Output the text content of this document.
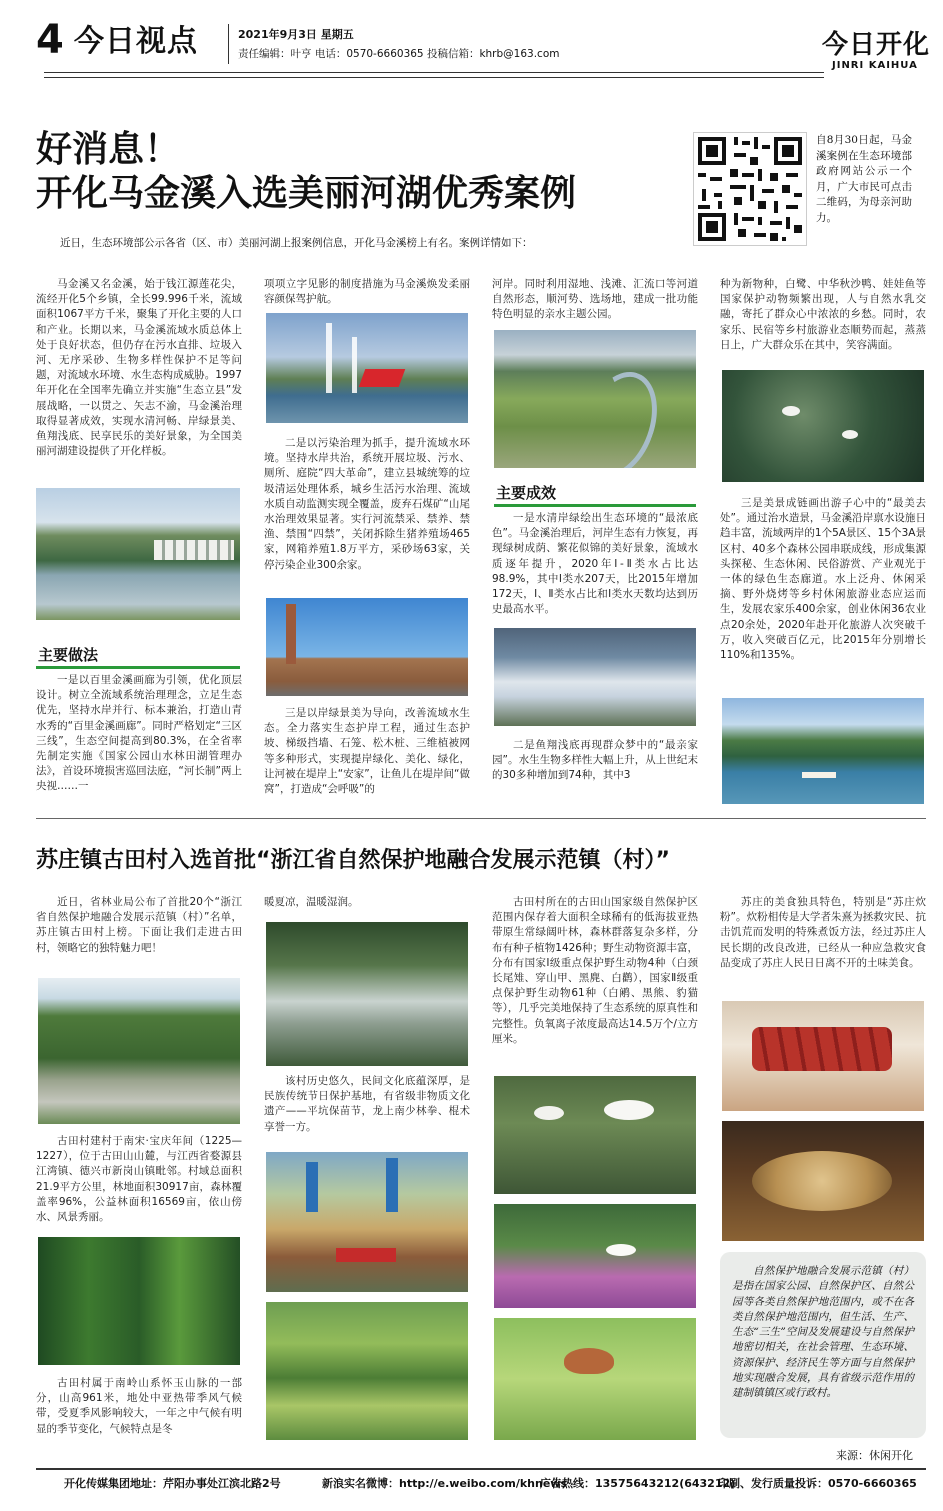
4 今日视点	2021年9月3日 星期五
责任编辑：叶亨 电话：0570-6660365 投稿信箱：khrb@163.com	今日开化
JINRI KAIHUA
好消息！
开化马金溪入选美丽河湖优秀案例
自8月30日起，马金溪案例在生态环境部政府网站公示一个月，广大市民可点击二维码，为母亲河助力。
近日，生态环境部公示各省（区、市）美丽河湖上报案例信息，开化马金溪榜上有名。案例详情如下：
马金溪又名金溪，始于钱江源莲花尖，流经开化5个乡镇，全长99.996千米，流域面积1067平方千米，聚集了开化主要的人口和产业。长期以来，马金溪流域水质总体上处于良好状态，但仍存在污水直排、垃圾入河、无序采砂、生物多样性保护不足等问题，对流域水环境、水生态构成威胁。1997年开化在全国率先确立并实施“生态立县”发展战略，一以贯之、矢志不渝，马金溪治理取得显著成效，实现水清河畅、岸绿景美、鱼翔浅底、民享民乐的美好景象，为全国美丽河湖建设提供了开化样板。
主要做法
一是以百里金溪画廊为引领，优化顶层设计。树立全流域系统治理理念，立足生态优先，坚持水岸并行、标本兼治，打造山青水秀的“百里金溪画廊”。同时严格划定“三区三线”，生态空间提高到80.3%，在全省率先制定实施《国家公园山水林田湖管理办法》，首设环境损害巡回法庭，“河长制”两上央视……一
项项立字见影的制度措施为马金溪焕发柔丽容颜保驾护航。
二是以污染治理为抓手，提升流域水环境。坚持水岸共治，系统开展垃圾、污水、厕所、庭院“四大革命”，建立县城统筹的垃圾清运处理体系，城乡生活污水治理、流域水质自动监测实现全覆盖，废弃石煤矿“山尾水治理效果显著。实行河流禁采、禁养、禁渔、禁围“四禁”，关闭拆除生猪养殖场465家，网箱养殖1.8万平方，采砂场63家，关停污染企业300余家。
三是以岸绿景美为导向，改善流域水生态。全力落实生态护岸工程，通过生态护坡、梯级挡墙、石笼、松木桩、三维植被网等多种形式，实现提岸绿化、美化、绿化，让河被在堤岸上“安家”，让鱼儿在堤岸间“做窝”，打造成“会呼吸”的
河岸。同时利用湿地、浅滩、汇流口等河道自然形态，顺河势、选场地，建成一批功能特色明显的亲水主题公园。
主要成效
一是水清岸绿绘出生态环境的“最浓底色”。马金溪治理后，河岸生态有力恢复，再现绿树成荫、繁花似锦的美好景象，流域水质逐年提升，2020年Ⅰ-Ⅱ类水占比达98.9%，其中Ⅰ类水207天，比2015年增加172天，Ⅰ、Ⅱ类水占比和Ⅰ类水天数均达到历史最高水平。
二是鱼翔浅底再现群众梦中的“最亲家园”。水生生物多样性大幅上升，从上世纪末的30多种增加到74种，其中3
种为新物种，白鹭、中华秋沙鸭、娃娃鱼等国家保护动物频繁出现，人与自然水乳交融，寄托了群众心中浓浓的乡愁。同时，农家乐、民宿等乡村旅游业态顺势而起，蒸蒸日上，广大群众乐在其中，笑容满面。
三是美景成链画出游子心中的“最美去处”。通过治水造景，马金溪沿岸禀水设施日趋丰富，流域两岸的1个5A景区、15个3A景区村、40多个森林公园串联成线，形成集源头探秘、生态休闲、民俗游赏、产业观光于一体的绿色生态廊道。水上泛舟、休闲采摘、野外烧烤等乡村休闲旅游业态应运而生，发展农家乐400余家，创业休闲36农业点20余处，2020年赴开化旅游人次突破千万，收入突破百亿元，比2015年分别增长110%和135%。
苏庄镇古田村入选首批“浙江省自然保护地融合发展示范镇（村）”
近日，省林业局公布了首批20个“浙江省自然保护地融合发展示范镇（村）”名单，苏庄镇古田村上榜。下面让我们走进古田村，领略它的独特魅力吧！
古田村建村于南宋·宝庆年间（1225—1227），位于古田山山麓，与江西省婺源县江湾镇、德兴市新岗山镇毗邻。村域总面积21.9平方公里，林地面积30917亩，森林覆盖率96%，公益林面积16569亩，依山傍水、风景秀丽。
古田村属于南岭山系怀玉山脉的一部分，山高961米，地处中亚热带季风气候带，受夏季风影响较大，一年之中气候有明显的季节变化，气候特点是冬
暖夏凉，温暖湿润。
该村历史悠久，民间文化底蕴深厚，是民族传统节日保护基地，有省级非物质文化遗产——平坑保苗节，龙上南少林拳、棍术享誉一方。
古田村所在的古田山国家级自然保护区范围内保存着大面积全球稀有的低海拔亚热带原生常绿阔叶林，森林群落复杂多样，分布有种子植物1426种；野生动物资源丰富，分布有国家Ⅰ级重点保护野生动物4种（白颈长尾雉、穿山甲、黑麂、白鹳），国家Ⅱ级重点保护野生动物61种（白鹇、黑熊、豹猫等），几乎完美地保持了生态系统的原真性和完整性。负氧离子浓度最高达14.5万个/立方厘米。
苏庄的美食独具特色，特别是“苏庄炊粉”。炊粉相传是大学者朱熹为拯救灾民、抗击饥荒而发明的特殊煮饭方法，经过苏庄人民长期的改良改进，已经从一种应急救灾食品变成了苏庄人民日日离不开的土味美食。
自然保护地融合发展示范镇（村）是指在国家公园、自然保护区、自然公园等各类自然保护地范围内，或不在各类自然保护地范围内，但生活、生产、生态“三生”空间及发展建设与自然保护地密切相关，在社会管理、生态环境、资源保护、经济民生等方面与自然保护地实现融合发展，具有省级示范作用的建制镇镇区或行政村。
来源：休闲开化
开化传媒集团地址：芹阳办事处江滨北路2号	新浪实名微博：http://e.weibo.com/khnews
广告热线：13575643212(643212)
印刷、发行质量投诉：0570-6660365
